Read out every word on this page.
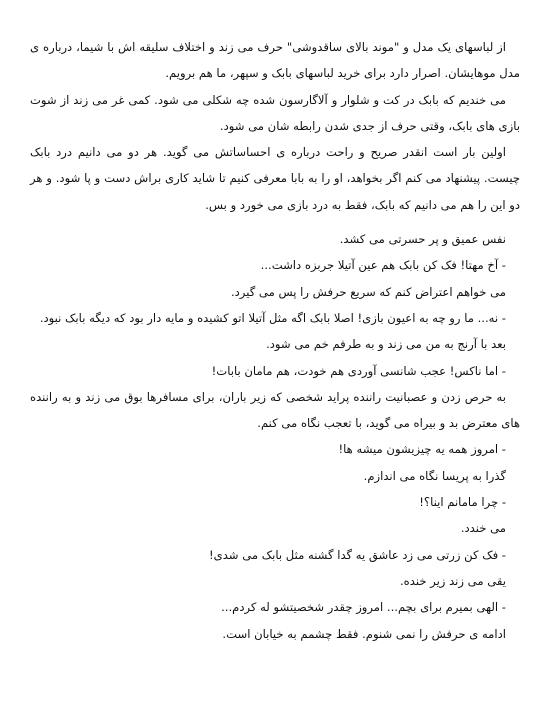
از لباسهای یک مدل و "موند بالای ساقدوشی" حرف می زند و اختلاف سلیقه اش با شیما، درباره ی مدل موهایشان. اصرار دارد برای خرید لباسهای بابک و سپهر، ما هم برویم.

می خندیم که بابک در کت و شلوار و آلاگارسون شده چه شکلی می شود. کمی غر می زند از شوت بازی های بابک، وقتی حرف از جدی شدن رابطه شان می شود.

اولین بار است انقدر صریح و راحت درباره ی احساساتش می گوید. هر دو می دانیم درد بابک چیست. پیشنهاد می کنم اگر بخواهد، او را به بابا معرفی کنیم تا شاید کاری براش دست و پا شود. و هر دو این را هم می دانیم که بابک، فقط به درد بازی می خورد و بس.

نفس عمیق و پر حسرتی می کشد.

- آخ مهتا! فک کن بابک هم عین آتیلا جربزه داشت...

می خواهم اعتراض کنم که سریع حرفش را پس می گیرد.

- نه... ما رو چه به اعیون بازی! اصلا بابک اگه مثل آتیلا اتو کشیده و مایه دار بود که دیگه بابک نبود.

بعد با آرنج به من می زند و به طرفم خم می شود.

- اما ناکس! عجب شانسی آوردی هم خودت، هم مامان بابات!

به حرص زدن و عصبانیت راننده پراید شخصی که زیر باران، برای مسافرها بوق می زند و به راننده های معترض بد و بیراه می گوید، با تعجب نگاه می کنم.

- امروز همه یه چیزیشون میشه ها!

گذرا به پریسا نگاه می اندازم.

- چرا مامانم اینا؟!

می خندد.

- فک کن زرتی می زد عاشق یه گدا گشنه مثل بابک می شدی!

یقی می زند زیر خنده.

- الهی بمیرم برای بچم... امروز چقدر شخصیتشو له کردم...

ادامه ی حرفش را نمی شنوم. فقط چشمم به خیابان است.
